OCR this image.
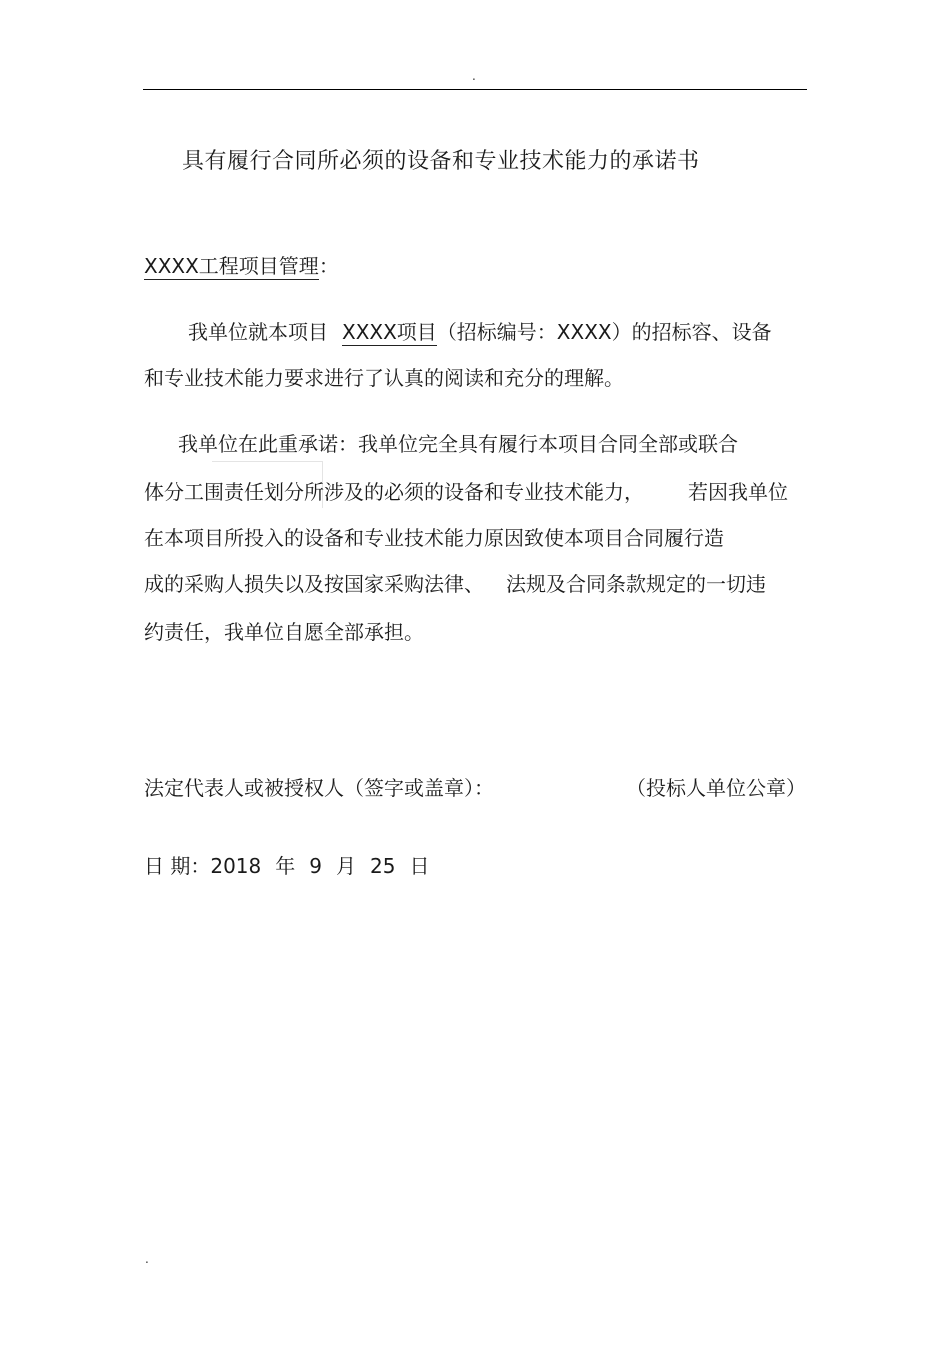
.
具有履行合同所必须的设备和专业技术能力的承诺书
XXXX工程项目管理：
我单位就本项目 XXXX项目（招标编号：XXXX）的招标容、设备
和专业技术能力要求进行了认真的阅读和充分的理解。
我单位在此重承诺：我单位完全具有履行本项目合同全部或联合
体分工围责任划分所涉及的必须的设备和专业技术能力， 若因我单位
在本项目所投入的设备和专业技术能力原因致使本项目合同履行造
成的采购人损失以及按国家采购法律、 法规及合同条款规定的一切违
约责任，我单位自愿全部承担。
法定代表人或被授权人（签字或盖章）：	（投标人单位公章）
日 期：2018 年 9 月 25 日
.
